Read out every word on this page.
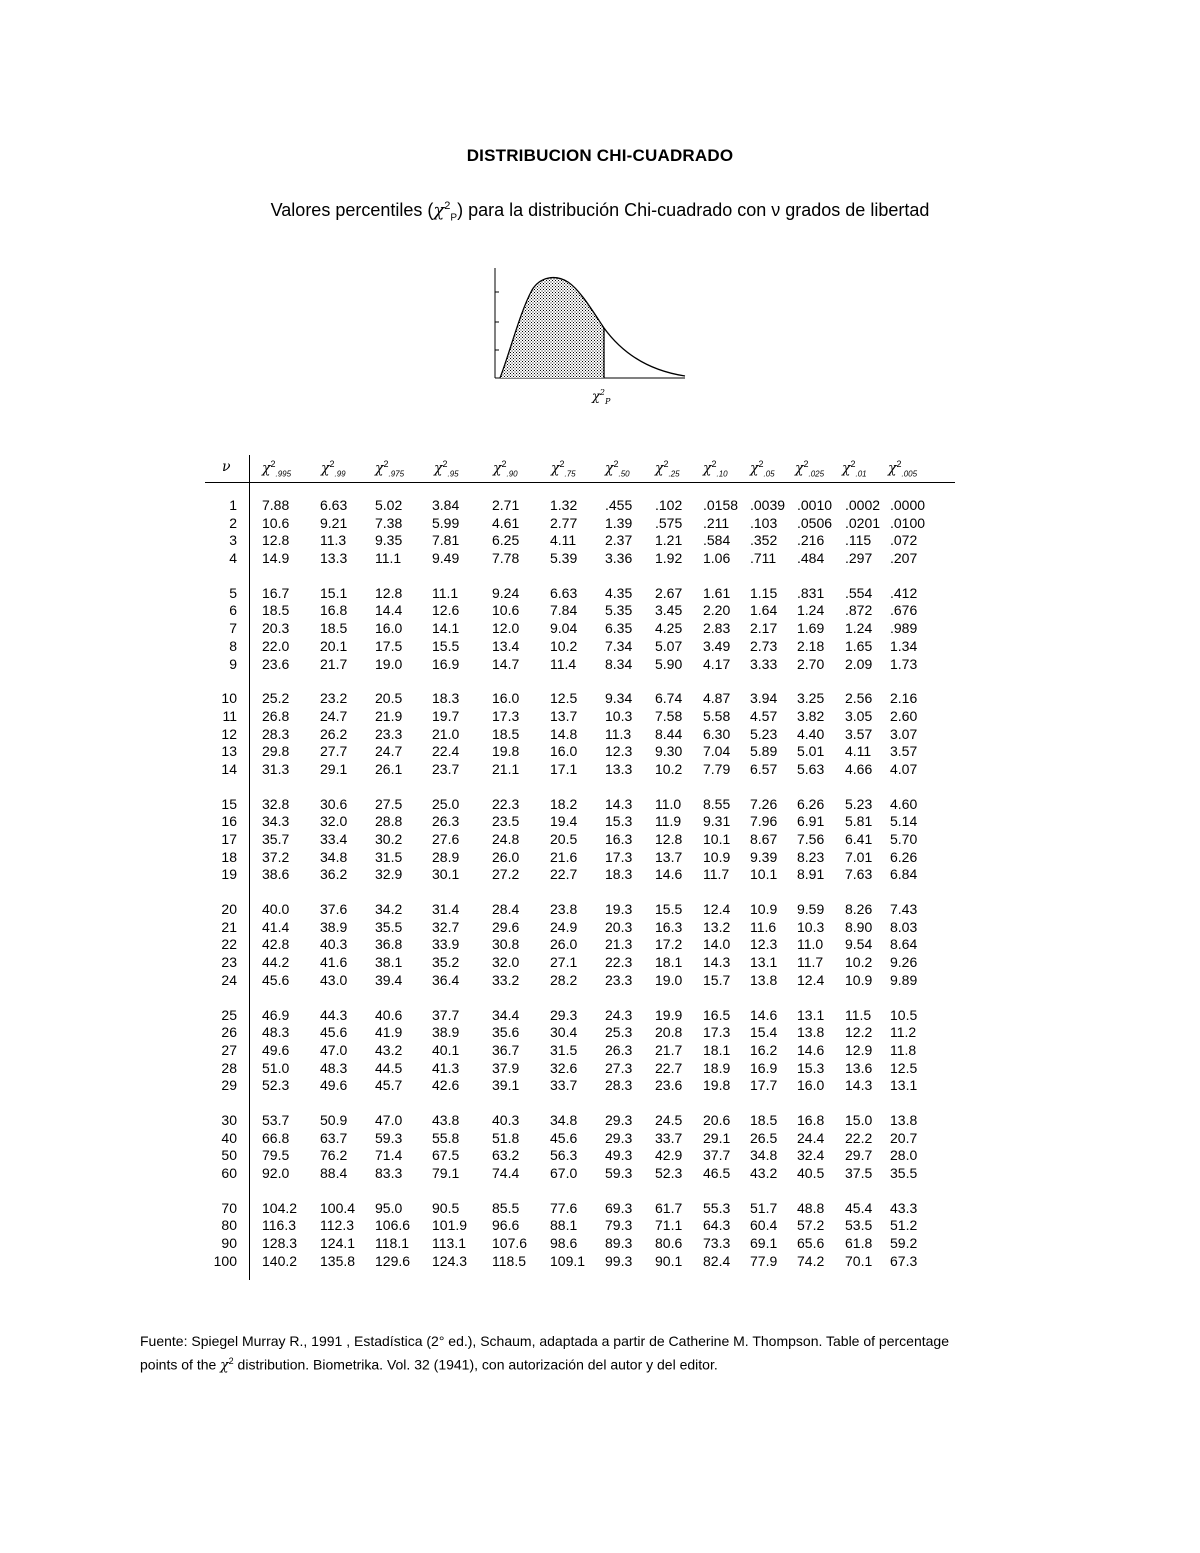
DISTRIBUCION CHI-CUADRADO
Valores percentiles $(\chi^2_P)$ para la distribución Chi-cuadrado con ν grados de libertad
$\chi^2_P$
ν $\chi^2_{.995}$ $\chi^2_{.99}$ $\chi^2_{.975}$ $\chi^2_{.95}$ $\chi^2_{.90}$ $\chi^2_{.75}$ $\chi^2_{.50}$ $\chi^2_{.25}$ $\chi^2_{.10}$ $\chi^2_{.05}$ $\chi^2_{.025}$ $\chi^2_{.01}$ $\chi^2_{.005}$
1 7.88 6.63 5.02 3.84 2.71 1.32 .455 .102 .0158 .0039 .0010 .0002 .0000
2 10.6 9.21 7.38 5.99 4.61 2.77 1.39 .575 .211 .103 .0506 .0201 .0100
3 12.8 11.3 9.35 7.81 6.25 4.11 2.37 1.21 .584 .352 .216 .115 .072
4 14.9 13.3 11.1 9.49 7.78 5.39 3.36 1.92 1.06 .711 .484 .297 .207
5 16.7 15.1 12.8 11.1 9.24 6.63 4.35 2.67 1.61 1.15 .831 .554 .412
6 18.5 16.8 14.4 12.6 10.6 7.84 5.35 3.45 2.20 1.64 1.24 .872 .676
7 20.3 18.5 16.0 14.1 12.0 9.04 6.35 4.25 2.83 2.17 1.69 1.24 .989
8 22.0 20.1 17.5 15.5 13.4 10.2 7.34 5.07 3.49 2.73 2.18 1.65 1.34
9 23.6 21.7 19.0 16.9 14.7 11.4 8.34 5.90 4.17 3.33 2.70 2.09 1.73
10 25.2 23.2 20.5 18.3 16.0 12.5 9.34 6.74 4.87 3.94 3.25 2.56 2.16
11 26.8 24.7 21.9 19.7 17.3 13.7 10.3 7.58 5.58 4.57 3.82 3.05 2.60
12 28.3 26.2 23.3 21.0 18.5 14.8 11.3 8.44 6.30 5.23 4.40 3.57 3.07
13 29.8 27.7 24.7 22.4 19.8 16.0 12.3 9.30 7.04 5.89 5.01 4.11 3.57
14 31.3 29.1 26.1 23.7 21.1 17.1 13.3 10.2 7.79 6.57 5.63 4.66 4.07
15 32.8 30.6 27.5 25.0 22.3 18.2 14.3 11.0 8.55 7.26 6.26 5.23 4.60
16 34.3 32.0 28.8 26.3 23.5 19.4 15.3 11.9 9.31 7.96 6.91 5.81 5.14
17 35.7 33.4 30.2 27.6 24.8 20.5 16.3 12.8 10.1 8.67 7.56 6.41 5.70
18 37.2 34.8 31.5 28.9 26.0 21.6 17.3 13.7 10.9 9.39 8.23 7.01 6.26
19 38.6 36.2 32.9 30.1 27.2 22.7 18.3 14.6 11.7 10.1 8.91 7.63 6.84
20 40.0 37.6 34.2 31.4 28.4 23.8 19.3 15.5 12.4 10.9 9.59 8.26 7.43
21 41.4 38.9 35.5 32.7 29.6 24.9 20.3 16.3 13.2 11.6 10.3 8.90 8.03
22 42.8 40.3 36.8 33.9 30.8 26.0 21.3 17.2 14.0 12.3 11.0 9.54 8.64
23 44.2 41.6 38.1 35.2 32.0 27.1 22.3 18.1 14.3 13.1 11.7 10.2 9.26
24 45.6 43.0 39.4 36.4 33.2 28.2 23.3 19.0 15.7 13.8 12.4 10.9 9.89
25 46.9 44.3 40.6 37.7 34.4 29.3 24.3 19.9 16.5 14.6 13.1 11.5 10.5
26 48.3 45.6 41.9 38.9 35.6 30.4 25.3 20.8 17.3 15.4 13.8 12.2 11.2
27 49.6 47.0 43.2 40.1 36.7 31.5 26.3 21.7 18.1 16.2 14.6 12.9 11.8
28 51.0 48.3 44.5 41.3 37.9 32.6 27.3 22.7 18.9 16.9 15.3 13.6 12.5
29 52.3 49.6 45.7 42.6 39.1 33.7 28.3 23.6 19.8 17.7 16.0 14.3 13.1
30 53.7 50.9 47.0 43.8 40.3 34.8 29.3 24.5 20.6 18.5 16.8 15.0 13.8
40 66.8 63.7 59.3 55.8 51.8 45.6 29.3 33.7 29.1 26.5 24.4 22.2 20.7
50 79.5 76.2 71.4 67.5 63.2 56.3 49.3 42.9 37.7 34.8 32.4 29.7 28.0
60 92.0 88.4 83.3 79.1 74.4 67.0 59.3 52.3 46.5 43.2 40.5 37.5 35.5
70 104.2 100.4 95.0 90.5 85.5 77.6 69.3 61.7 55.3 51.7 48.8 45.4 43.3
80 116.3 112.3 106.6 101.9 96.6 88.1 79.3 71.1 64.3 60.4 57.2 53.5 51.2
90 128.3 124.1 118.1 113.1 107.6 98.6 89.3 80.6 73.3 69.1 65.6 61.8 59.2
100 140.2 135.8 129.6 124.3 118.5 109.1 99.3 90.1 82.4 77.9 74.2 70.1 67.3
Fuente: Spiegel Murray R., 1991 , Estadística (2° ed.), Schaum, adaptada a partir de Catherine M. Thompson. Table of percentage
points of the $\chi^2$ distribution. Biometrika. Vol. 32 (1941), con autorización del autor y del editor.
